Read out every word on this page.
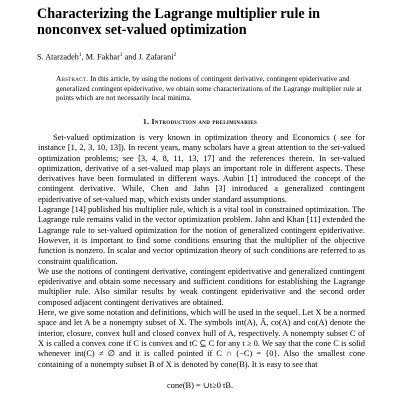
Characterizing the Lagrange multiplier rule in nonconvex set-valued optimization

S. Atarzadeh$^1$, M. Fakhar$^1$ and J. Zafarani$^2$

Abstract. In this article, by using the notions of contingent derivative, contingent epiderivative and generalized contingent epiderivative, we obtain some characterizations of the Lagrange multiplier rule at points which are not necessarily local minima.

1. Introduction and preliminaries

Set-valued optimization is very known in optimization theory and Economics ( see for instance [1, 2, 3, 10, 13]). In recent years, many scholars have a great attention to the set-valued optimization problems; see [3, 4, 8, 11, 13, 17] and the references therein. In set-valued optimization, derivative of a set-valued map plays an important role in different aspects. These derivatives have been formulated in different ways. Aubin [1] introduced the concept of the contingent derivative. While, Chen and Jahn [3] introduced a generalized contingent epiderivative of set-valued map, which exists under standard assumptions.

Lagrange [14] published his multiplier rule, which is a vital tool in constrained optimization. The Lagrange rule remains valid in the vector optimization problem. Jahn and Khan [11] extended the Lagrange rule to set-valued optimization for the notion of generalized contingent epiderivative. However, it is important to find some conditions ensuring that the multiplier of the objective function is nonzero. In scalar and vector optimization theory of such conditions are referred to as constraint qualification.

We use the notions of contingent derivative, contingent epiderivative and generalized contingent epiderivative and obtain some necessary and sufficient conditions for establishing the Lagrange multiplier rule. Also similar results by weak contingent epiderivative and the second order composed adjacent contingent derivatives are obtained.

Here, we give some notation and definitions, which will be used in the sequel. Let X be a normed space and let A be a nonempty subset of X. The symbols int(A), Ā, co(A) and co(A) denote the interior, closure, convex hull and closed convex hull of A, respectively. A nonempty subset C of X is called a convex cone if C is convex and tC ⊆ C for any t ≥ 0. We say that the cone C is solid whenever int(C) ≠ ∅ and it is called pointed if C ∩ (−C) = {0}. Also the smallest cone containing of a nonempty subset B of X is denoted by cone(B). It is easy to see that

cone(B) = ∪t≥0 tB.
